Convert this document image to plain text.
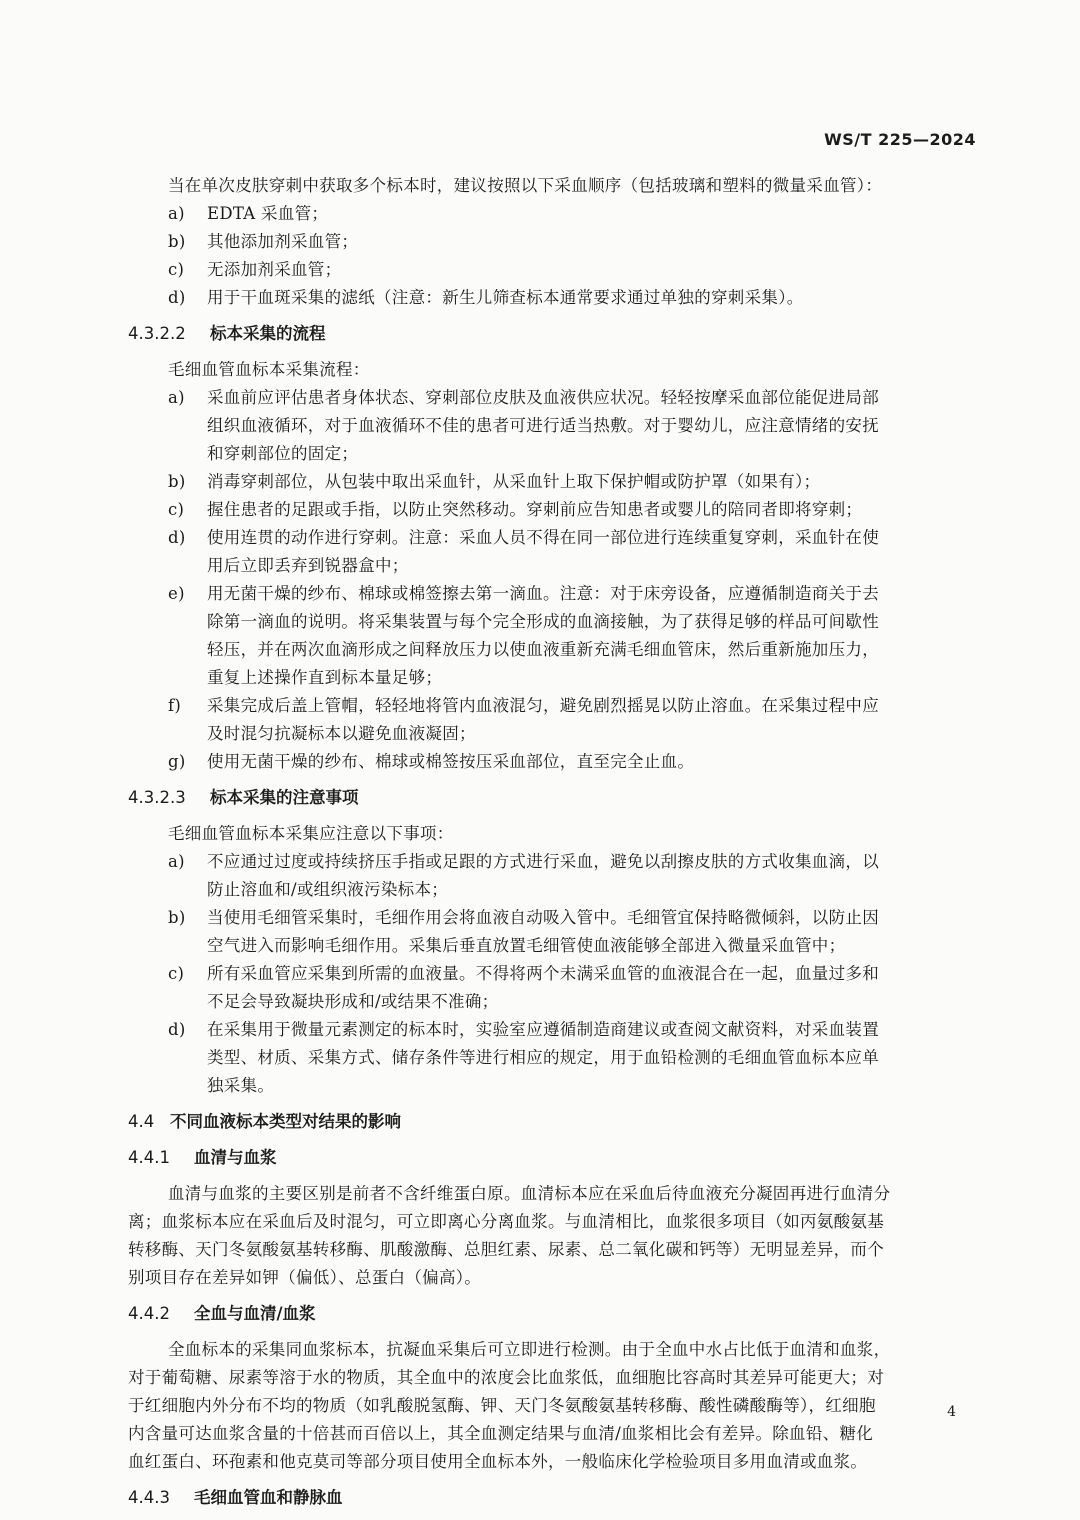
WS/T 225—2024
当在单次皮肤穿刺中获取多个标本时，建议按照以下采血顺序（包括玻璃和塑料的微量采血管）：
a) EDTA 采血管；
b) 其他添加剂采血管；
c) 无添加剂采血管；
d) 用于干血斑采集的滤纸（注意：新生儿筛查标本通常要求通过单独的穿刺采集）。
4.3.2.2 标本采集的流程
毛细血管血标本采集流程：
a) 采血前应评估患者身体状态、穿刺部位皮肤及血液供应状况。轻轻按摩采血部位能促进局部
组织血液循环，对于血液循环不佳的患者可进行适当热敷。对于婴幼儿，应注意情绪的安抚
和穿刺部位的固定；
b) 消毒穿刺部位，从包装中取出采血针，从采血针上取下保护帽或防护罩（如果有）；
c) 握住患者的足跟或手指，以防止突然移动。穿刺前应告知患者或婴儿的陪同者即将穿刺；
d) 使用连贯的动作进行穿刺。注意：采血人员不得在同一部位进行连续重复穿刺，采血针在使
用后立即丢弃到锐器盒中；
e) 用无菌干燥的纱布、棉球或棉签擦去第一滴血。注意：对于床旁设备，应遵循制造商关于去
除第一滴血的说明。将采集装置与每个完全形成的血滴接触，为了获得足够的样品可间歇性
轻压，并在两次血滴形成之间释放压力以使血液重新充满毛细血管床，然后重新施加压力，
重复上述操作直到标本量足够；
f) 采集完成后盖上管帽，轻轻地将管内血液混匀，避免剧烈摇晃以防止溶血。在采集过程中应
及时混匀抗凝标本以避免血液凝固；
g) 使用无菌干燥的纱布、棉球或棉签按压采血部位，直至完全止血。
4.3.2.3 标本采集的注意事项
毛细血管血标本采集应注意以下事项：
a) 不应通过过度或持续挤压手指或足跟的方式进行采血，避免以刮擦皮肤的方式收集血滴，以
防止溶血和/或组织液污染标本；
b) 当使用毛细管采集时，毛细作用会将血液自动吸入管中。毛细管宜保持略微倾斜，以防止因
空气进入而影响毛细作用。采集后垂直放置毛细管使血液能够全部进入微量采血管中；
c) 所有采血管应采集到所需的血液量。不得将两个未满采血管的血液混合在一起，血量过多和
不足会导致凝块形成和/或结果不准确；
d) 在采集用于微量元素测定的标本时，实验室应遵循制造商建议或查阅文献资料，对采血装置
类型、材质、采集方式、储存条件等进行相应的规定，用于血铅检测的毛细血管血标本应单
独采集。
4.4 不同血液标本类型对结果的影响
4.4.1 血清与血浆
血清与血浆的主要区别是前者不含纤维蛋白原。血清标本应在采血后待血液充分凝固再进行血清分
离；血浆标本应在采血后及时混匀，可立即离心分离血浆。与血清相比，血浆很多项目（如丙氨酸氨基
转移酶、天门冬氨酸氨基转移酶、肌酸激酶、总胆红素、尿素、总二氧化碳和钙等）无明显差异，而个
别项目存在差异如钾（偏低）、总蛋白（偏高）。
4.4.2 全血与血清/血浆
全血标本的采集同血浆标本，抗凝血采集后可立即进行检测。由于全血中水占比低于血清和血浆，
对于葡萄糖、尿素等溶于水的物质，其全血中的浓度会比血浆低，血细胞比容高时其差异可能更大；对
于红细胞内外分布不均的物质（如乳酸脱氢酶、钾、天门冬氨酸氨基转移酶、酸性磷酸酶等），红细胞
内含量可达血浆含量的十倍甚而百倍以上，其全血测定结果与血清/血浆相比会有差异。除血铅、糖化
血红蛋白、环孢素和他克莫司等部分项目使用全血标本外，一般临床化学检验项目多用血清或血浆。
4.4.3 毛细血管血和静脉血
4
